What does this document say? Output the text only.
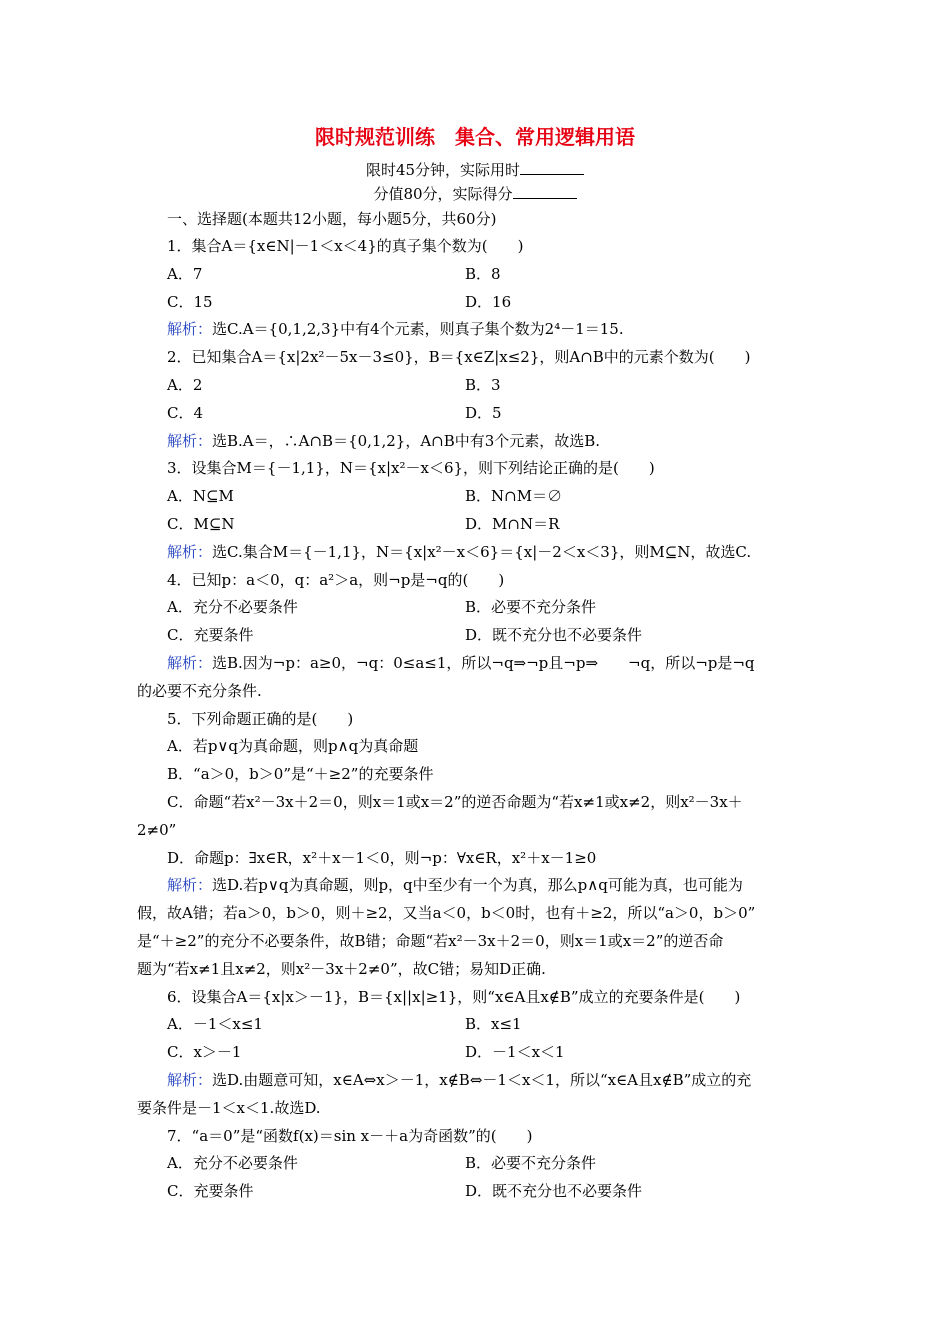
限时规范训练　集合、常用逻辑用语
限时45分钟，实际用时
分值80分，实际得分
一、选择题(本题共12小题，每小题5分，共60分)
1．集合A＝{x∈N|－1＜x＜4}的真子集个数为(　　)
A．7	B．8
C．15	D．16
解析：选C.A＝{0,1,2,3}中有4个元素，则真子集个数为2⁴－1＝15.
2．已知集合A＝{x|2x²－5x－3≤0}，B＝{x∈Z|x≤2}，则A∩B中的元素个数为(　　)
A．2	B．3
C．4	D．5
解析：选B.A＝，∴A∩B＝{0,1,2}，A∩B中有3个元素，故选B.
3．设集合M＝{－1,1}，N＝{x|x²－x＜6}，则下列结论正确的是(　　)
A．N⊆M	B．N∩M＝∅
C．M⊆N	D．M∩N＝R
解析：选C.集合M＝{－1,1}，N＝{x|x²－x＜6}＝{x|－2＜x＜3}，则M⊆N，故选C.
4．已知p：a＜0，q：a²＞a，则¬p是¬q的(　　)
A．充分不必要条件	B．必要不充分条件
C．充要条件	D．既不充分也不必要条件
解析：选B.因为¬p：a≥0，¬q：0≤a≤1，所以¬q⇒¬p且¬p⇒　　¬q，所以¬p是¬q
的必要不充分条件.
5．下列命题正确的是(　　)
A．若p∨q为真命题，则p∧q为真命题
B．“a＞0，b＞0”是“＋≥2”的充要条件
C．命题“若x²－3x＋2＝0，则x＝1或x＝2”的逆否命题为“若x≠1或x≠2，则x²－3x＋
2≠0”
D．命题p：∃x∈R，x²＋x－1＜0，则¬p：∀x∈R，x²＋x－1≥0
解析：选D.若p∨q为真命题，则p，q中至少有一个为真，那么p∧q可能为真，也可能为
假，故A错；若a＞0，b＞0，则＋≥2，又当a＜0，b＜0时，也有＋≥2，所以“a＞0，b＞0”
是“＋≥2”的充分不必要条件，故B错；命题“若x²－3x＋2＝0，则x＝1或x＝2”的逆否命
题为“若x≠1且x≠2，则x²－3x＋2≠0”，故C错；易知D正确.
6．设集合A＝{x|x＞－1}，B＝{x||x|≥1}，则“x∈A且x∉B”成立的充要条件是(　　)
A．－1＜x≤1	B．x≤1
C．x＞－1	D．－1＜x＜1
解析：选D.由题意可知，x∈A⇔x＞－1，x∉B⇔－1＜x＜1，所以“x∈A且x∉B”成立的充
要条件是－1＜x＜1.故选D.
7．“a＝0”是“函数f(x)＝sin x－＋a为奇函数”的(　　)
A．充分不必要条件	B．必要不充分条件
C．充要条件	D．既不充分也不必要条件
